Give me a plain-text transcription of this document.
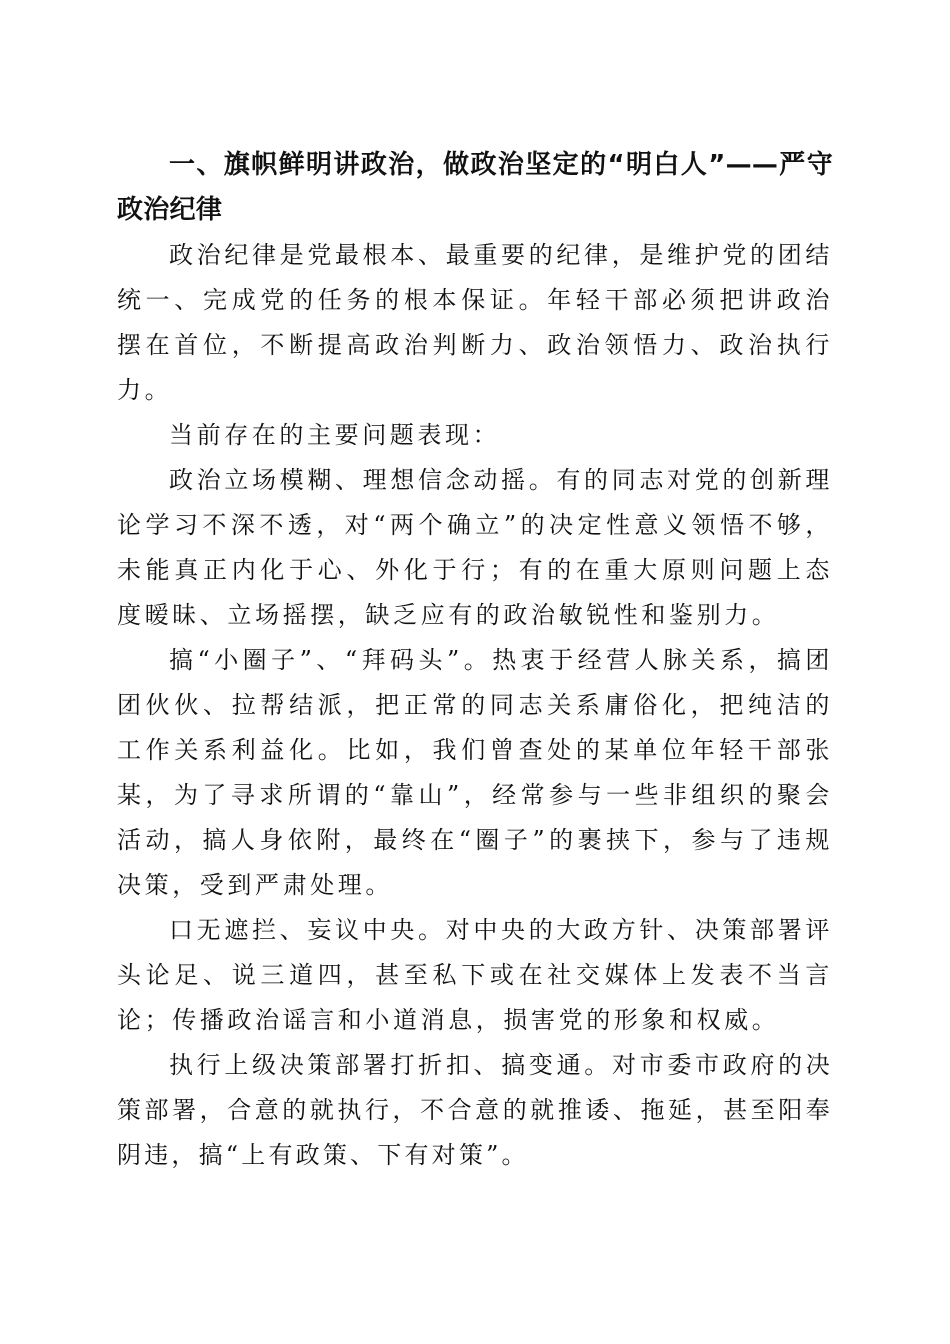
一、旗帜鲜明讲政治，做政治坚定的“明白人”——严守政治纪律

政治纪律是党最根本、最重要的纪律，是维护党的团结统一、完成党的任务的根本保证。年轻干部必须把讲政治摆在首位，不断提高政治判断力、政治领悟力、政治执行力。

当前存在的主要问题表现：

政治立场模糊、理想信念动摇。有的同志对党的创新理论学习不深不透，对“两个确立”的决定性意义领悟不够，未能真正内化于心、外化于行；有的在重大原则问题上态度暧昧、立场摇摆，缺乏应有的政治敏锐性和鉴别力。

搞“小圈子”、“拜码头”。热衷于经营人脉关系，搞团团伙伙、拉帮结派，把正常的同志关系庸俗化，把纯洁的工作关系利益化。比如，我们曾查处的某单位年轻干部张某，为了寻求所谓的“靠山”，经常参与一些非组织的聚会活动，搞人身依附，最终在“圈子”的裹挟下，参与了违规决策，受到严肃处理。

口无遮拦、妄议中央。对中央的大政方针、决策部署评头论足、说三道四，甚至私下或在社交媒体上发表不当言论；传播政治谣言和小道消息，损害党的形象和权威。

执行上级决策部署打折扣、搞变通。对市委市政府的决策部署，合意的就执行，不合意的就推诿、拖延，甚至阳奉阴违，搞“上有政策、下有对策”。
